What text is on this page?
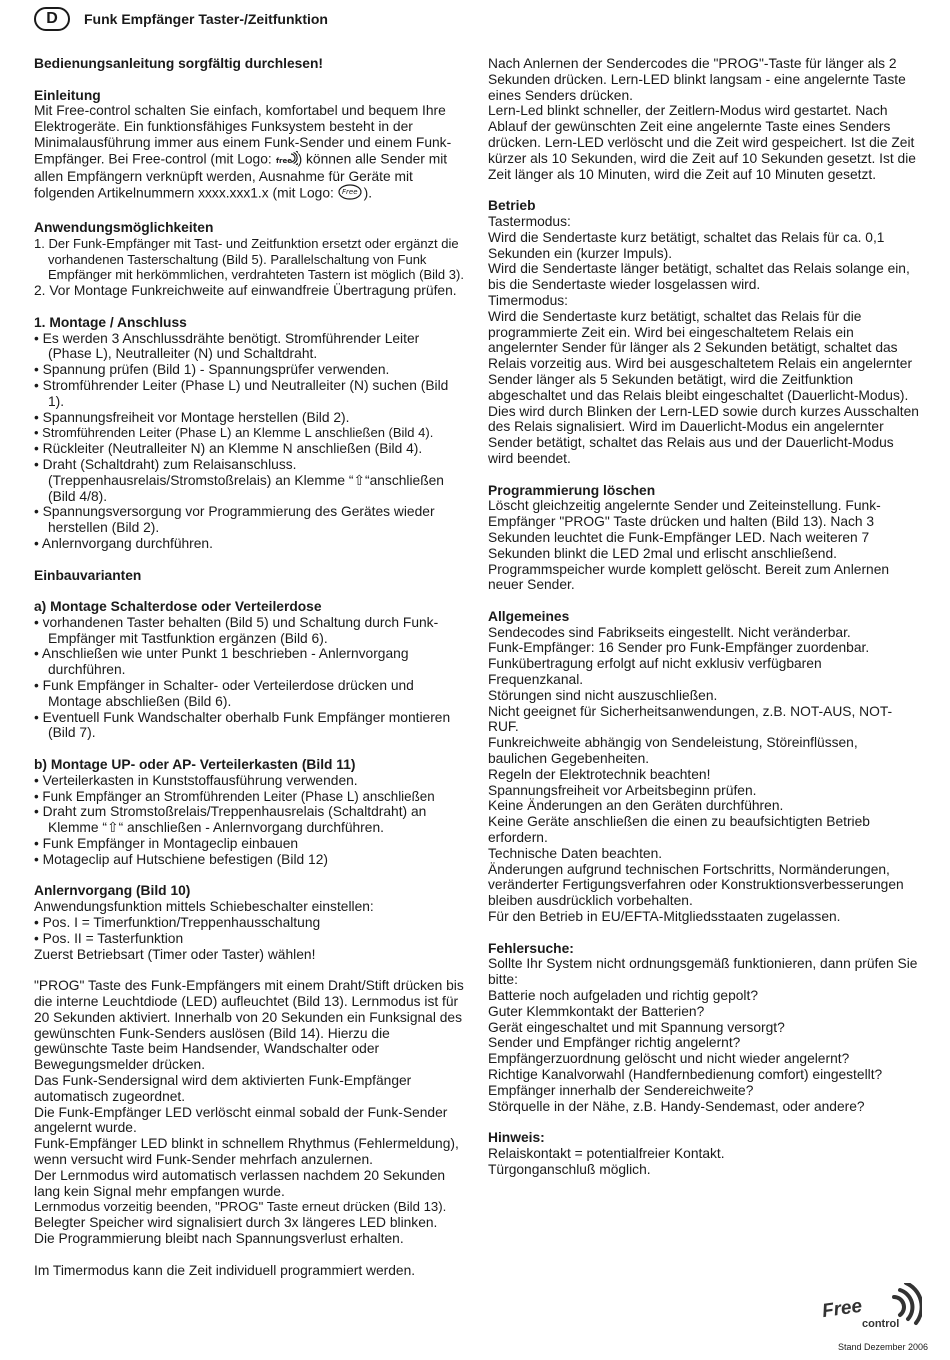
D	Funk Empfänger Taster-/Zeitfunktion
Bedienungsanleitung sorgfältig durchlesen!
Einleitung
Mit Free-control schalten Sie einfach, komfortabel und bequem Ihre Elektrogeräte. Ein funktionsfähiges Funksystem besteht in der Minimalausführung immer aus einem Funk-Sender und einem Funk-Empfänger. Bei Free-control (mit Logo: free ) können alle Sender mit allen Empfängern verknüpft werden, Ausnahme für Geräte mit folgenden Artikelnummern xxxx.xxx1.x (mit Logo: Free ).
Anwendungsmöglichkeiten
1. Der Funk-Empfänger mit Tast- und Zeitfunktion ersetzt oder ergänzt die vorhandenen Tasterschaltung (Bild 5). Parallelschaltung von Funk Empfänger mit herkömmlichen, verdrahteten Tastern ist möglich (Bild 3).
2. Vor Montage Funkreichweite auf einwandfreie Übertragung prüfen.
1. Montage / Anschluss
• Es werden 3 Anschlussdrähte benötigt. Stromführender Leiter (Phase L), Neutralleiter (N) und Schaltdraht.
• Spannung prüfen (Bild 1) - Spannungsprüfer verwenden.
• Stromführender Leiter (Phase L) und Neutralleiter (N) suchen (Bild 1).
• Spannungsfreiheit vor Montage herstellen (Bild 2).
• Stromführenden Leiter (Phase L) an Klemme L anschließen (Bild 4).
• Rückleiter (Neutralleiter N) an Klemme N anschließen (Bild 4).
• Draht (Schaltdraht) zum Relaisanschluss. (Treppenhausrelais/Stromstoßrelais) an Klemme “⇧“anschließen (Bild 4/8).
• Spannungsversorgung vor Programmierung des Gerätes wieder herstellen (Bild 2).
• Anlernvorgang durchführen.
Einbauvarianten
a) Montage Schalterdose oder Verteilerdose
• vorhandenen Taster behalten (Bild 5) und Schaltung durch Funk-Empfänger mit Tastfunktion ergänzen (Bild 6).
• Anschließen wie unter Punkt 1 beschrieben - Anlernvorgang durchführen.
• Funk Empfänger in Schalter- oder Verteilerdose drücken und Montage abschließen (Bild 6).
• Eventuell Funk Wandschalter oberhalb Funk Empfänger montieren (Bild 7).
b) Montage UP- oder AP- Verteilerkasten (Bild 11)
• Verteilerkasten in Kunststoffausführung verwenden.
• Funk Empfänger an Stromführenden Leiter (Phase L) anschließen
• Draht zum Stromstoßrelais/Treppenhausrelais (Schaltdraht) an Klemme “⇧“ anschließen - Anlernvorgang durchführen.
• Funk Empfänger in Montageclip einbauen
• Motageclip auf Hutschiene befestigen (Bild 12)
Anlernvorgang (Bild 10)
Anwendungsfunktion mittels Schiebeschalter einstellen:
• Pos. I = Timerfunktion/Treppenhausschaltung
• Pos. II = Tasterfunktion
Zuerst Betriebsart (Timer oder Taster) wählen!
"PROG" Taste des Funk-Empfängers mit einem Draht/Stift drücken bis die interne Leuchtdiode (LED) aufleuchtet (Bild 13). Lernmodus ist für 20 Sekunden aktiviert. Innerhalb von 20 Sekunden ein Funksignal des gewünschten Funk-Senders auslösen (Bild 14). Hierzu die gewünschte Taste beim Handsender, Wandschalter oder Bewegungsmelder drücken.
Das Funk-Sendersignal wird dem aktivierten Funk-Empfänger automatisch zugeordnet.
Die Funk-Empfänger LED verlöscht einmal sobald der Funk-Sender angelernt wurde.
Funk-Empfänger LED blinkt in schnellem Rhythmus (Fehlermeldung), wenn versucht wird Funk-Sender mehrfach anzulernen.
Der Lernmodus wird automatisch verlassen nachdem 20 Sekunden lang kein Signal mehr empfangen wurde.
Lernmodus vorzeitig beenden, "PROG" Taste erneut drücken (Bild 13).
Belegter Speicher wird signalisiert durch 3x längeres LED blinken.
Die Programmierung bleibt nach Spannungsverlust erhalten.
Im Timermodus kann die Zeit individuell programmiert werden.
Nach Anlernen der Sendercodes die "PROG"-Taste für länger als 2 Sekunden drücken. Lern-LED blinkt langsam - eine angelernte Taste eines Senders drücken.
Lern-Led blinkt schneller, der Zeitlern-Modus wird gestartet. Nach Ablauf der gewünschten Zeit eine angelernte Taste eines Senders drücken. Lern-LED verlöscht und die Zeit wird gespeichert. Ist die Zeit kürzer als 10 Sekunden, wird die Zeit auf 10 Sekunden gesetzt. Ist die Zeit länger als 10 Minuten, wird die Zeit auf 10 Minuten gesetzt.
Betrieb
Tastermodus:
Wird die Sendertaste kurz betätigt, schaltet das Relais für ca. 0,1 Sekunden ein (kurzer Impuls).
Wird die Sendertaste länger betätigt, schaltet das Relais solange ein, bis die Sendertaste wieder losgelassen wird.
Timermodus:
Wird die Sendertaste kurz betätigt, schaltet das Relais für die programmierte Zeit ein. Wird bei eingeschaltetem Relais ein angelernter Sender für länger als 2 Sekunden betätigt, schaltet das Relais vorzeitig aus. Wird bei ausgeschaltetem Relais ein angelernter Sender länger als 5 Sekunden betätigt, wird die Zeitfunktion abgeschaltet und das Relais bleibt eingeschaltet (Dauerlicht-Modus). Dies wird durch Blinken der Lern-LED sowie durch kurzes Ausschalten des Relais signalisiert. Wird im Dauerlicht-Modus ein angelernter Sender betätigt, schaltet das Relais aus und der Dauerlicht-Modus wird beendet.
Programmierung löschen
Löscht gleichzeitig angelernte Sender und Zeiteinstellung. Funk-Empfänger "PROG" Taste drücken und halten (Bild 13). Nach 3 Sekunden leuchtet die Funk-Empfänger LED. Nach weiteren 7 Sekunden blinkt die LED 2mal und erlischt anschließend. Programmspeicher wurde komplett gelöscht. Bereit zum Anlernen neuer Sender.
Allgemeines
Sendecodes sind Fabrikseits eingestellt. Nicht veränderbar.
Funk-Empfänger: 16 Sender pro Funk-Empfänger zuordenbar.
Funkübertragung erfolgt auf nicht exklusiv verfügbaren Frequenzkanal.
Störungen sind nicht auszuschließen.
Nicht geeignet für Sicherheitsanwendungen, z.B. NOT-AUS, NOT-RUF.
Funkreichweite abhängig von Sendeleistung, Störeinflüssen, baulichen Gegebenheiten.
Regeln der Elektrotechnik beachten!
Spannungsfreiheit vor Arbeitsbeginn prüfen.
Keine Änderungen an den Geräten durchführen.
Keine Geräte anschließen die einen zu beaufsichtigten Betrieb erfordern.
Technische Daten beachten.
Änderungen aufgrund technischen Fortschritts, Normänderungen, veränderter Fertigungsverfahren oder Konstruktionsverbesserungen bleiben ausdrücklich vorbehalten.
Für den Betrieb in EU/EFTA-Mitgliedsstaaten zugelassen.
Fehlersuche:
Sollte Ihr System nicht ordnungsgemäß funktionieren, dann prüfen Sie bitte:
Batterie noch aufgeladen und richtig gepolt?
Guter Klemmkontakt der Batterien?
Gerät eingeschaltet und mit Spannung versorgt?
Sender und Empfänger richtig angelernt?
Empfängerzuordnung gelöscht und nicht wieder angelernt?
Richtige Kanalvorwahl (Handfernbedienung comfort) eingestellt?
Empfänger innerhalb der Sendereichweite?
Störquelle in der Nähe, z.B. Handy-Sendemast, oder andere?
Hinweis:
Relaiskontakt = potentialfreier Kontakt.
Türgonganschluß möglich.
Free
control
Stand Dezember 2006
